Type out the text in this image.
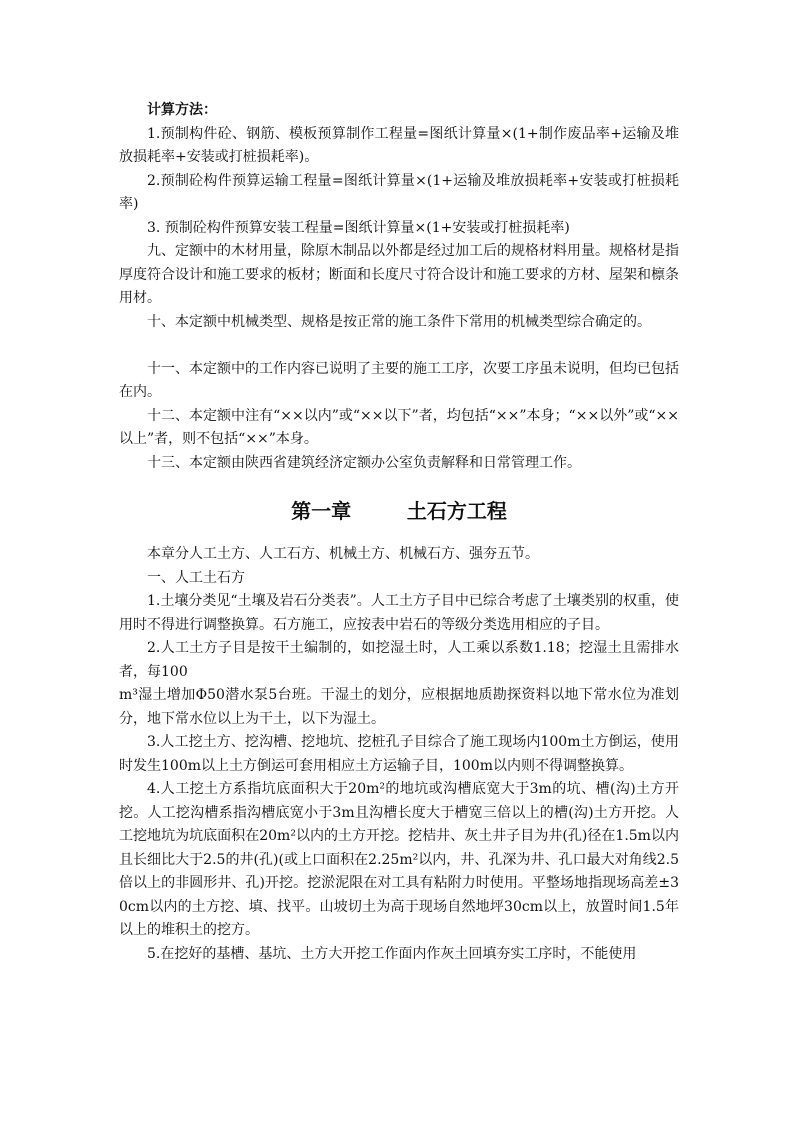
计算方法：

1.预制构件砼、钢筋、模板预算制作工程量=图纸计算量×(1+制作废品率+运输及堆放损耗率+安装或打桩损耗率)。

2.预制砼构件预算运输工程量=图纸计算量×(1+运输及堆放损耗率+安装或打桩损耗率)

3. 预制砼构件预算安装工程量=图纸计算量×(1+安装或打桩损耗率)

九、定额中的木材用量，除原木制品以外都是经过加工后的规格材料用量。规格材是指厚度符合设计和施工要求的板材；断面和长度尺寸符合设计和施工要求的方材、屋架和檩条用材。

十、本定额中机械类型、规格是按正常的施工条件下常用的机械类型综合确定的。

十一、本定额中的工作内容已说明了主要的施工工序，次要工序虽未说明，但均已包括在内。

十二、本定额中注有“××以内”或“××以下”者，均包括“××”本身；“××以外”或“××以上”者，则不包括“××”本身。

十三、本定额由陕西省建筑经济定额办公室负责解释和日常管理工作。

第一章        土石方工程

本章分人工土方、人工石方、机械土方、机械石方、强夯五节。

一、人工土石方

1.土壤分类见“土壤及岩石分类表”。人工土方子目中已综合考虑了土壤类别的权重，使用时不得进行调整换算。石方施工，应按表中岩石的等级分类选用相应的子目。

2.人工土方子目是按干土编制的，如挖湿土时，人工乘以系数1.18；挖湿土且需排水者，每100

m³湿土增加Φ50潜水泵5台班。干湿土的划分，应根据地质勘探资料以地下常水位为准划分，地下常水位以上为干土，以下为湿土。

3.人工挖土方、挖沟槽、挖地坑、挖桩孔子目综合了施工现场内100m土方倒运，使用时发生100m以上土方倒运可套用相应土方运输子目，100m以内则不得调整换算。

4.人工挖土方系指坑底面积大于20m²的地坑或沟槽底宽大于3m的坑、槽(沟)土方开挖。人工挖沟槽系指沟槽底宽小于3m且沟槽长度大于槽宽三倍以上的槽(沟)土方开挖。人工挖地坑为坑底面积在20m²以内的土方开挖。挖桔井、灰土井子目为井(孔)径在1.5m以内且长细比大于2.5的井(孔)(或上口面积在2.25m²以内，井、孔深为井、孔口最大对角线2.5倍以上的非圆形井、孔)开挖。挖淤泥限在对工具有粘附力时使用。平整场地指现场高差±30cm以内的土方挖、填、找平。山坡切土为高于现场自然地坪30cm以上，放置时间1.5年以上的堆积土的挖方。

5.在挖好的基槽、基坑、土方大开挖工作面内作灰土回填夯实工序时，不能使用
